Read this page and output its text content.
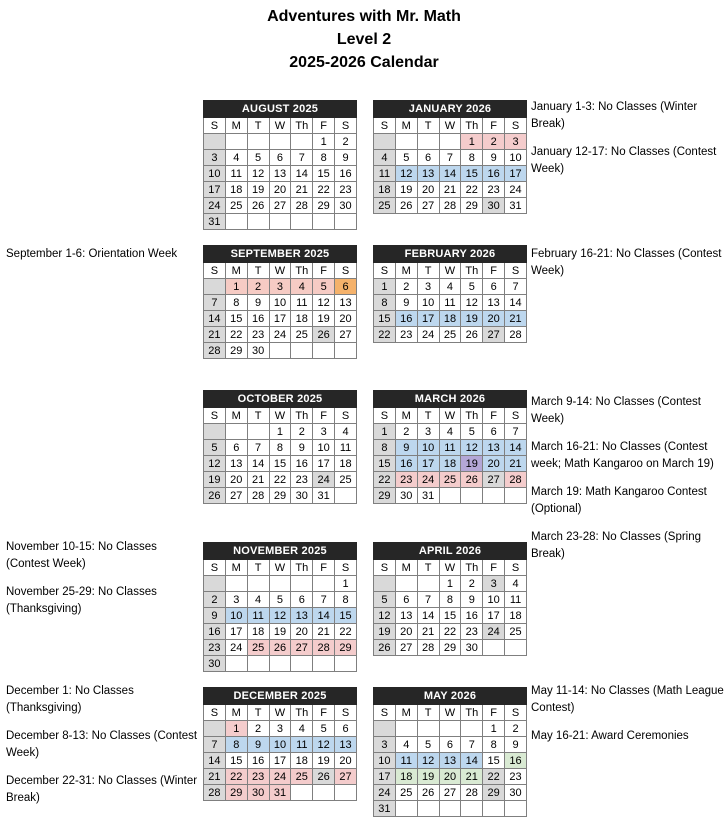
Adventures with Mr. Math
Level 2
2025-2026 Calendar
AUGUST 2025						
S	M	T	W	Th	F	S
					1	2
3	4	5	6	7	8	9
10	11	12	13	14	15	16
17	18	19	20	21	22	23
24	25	26	27	28	29	30
31						
JANUARY 2026						
S	M	T	W	Th	F	S
				1	2	3
4	5	6	7	8	9	10
11	12	13	14	15	16	17
18	19	20	21	22	23	24
25	26	27	28	29	30	31
SEPTEMBER 2025						
S	M	T	W	Th	F	S
	1	2	3	4	5	6
7	8	9	10	11	12	13
14	15	16	17	18	19	20
21	22	23	24	25	26	27
28	29	30				
FEBRUARY 2026						
S	M	T	W	Th	F	S
1	2	3	4	5	6	7
8	9	10	11	12	13	14
15	16	17	18	19	20	21
22	23	24	25	26	27	28
OCTOBER 2025						
S	M	T	W	Th	F	S
			1	2	3	4
5	6	7	8	9	10	11
12	13	14	15	16	17	18
19	20	21	22	23	24	25
26	27	28	29	30	31	
MARCH 2026						
S	M	T	W	Th	F	S
1	2	3	4	5	6	7
8	9	10	11	12	13	14
15	16	17	18	19	20	21
22	23	24	25	26	27	28
29	30	31				
NOVEMBER 2025						
S	M	T	W	Th	F	S
						1
2	3	4	5	6	7	8
9	10	11	12	13	14	15
16	17	18	19	20	21	22
23	24	25	26	27	28	29
30						
APRIL 2026						
S	M	T	W	Th	F	S
			1	2	3	4
5	6	7	8	9	10	11
12	13	14	15	16	17	18
19	20	21	22	23	24	25
26	27	28	29	30		
DECEMBER 2025						
S	M	T	W	Th	F	S
	1	2	3	4	5	6
7	8	9	10	11	12	13
14	15	16	17	18	19	20
21	22	23	24	25	26	27
28	29	30	31			
MAY 2026						
S	M	T	W	Th	F	S
					1	2
3	4	5	6	7	8	9
10	11	12	13	14	15	16
17	18	19	20	21	22	23
24	25	26	27	28	29	30
31						

January 1-3: No Classes (Winter Break)

January 12-17: No Classes (Contest Week)

September 1-6: Orientation Week	February 16-21: No Classes (Contest Week)

March 9-14: No Classes (Contest Week)

March 16-21: No Classes (Contest week; Math Kangaroo on March 19)

March 19: Math Kangaroo Contest (Optional)

March 23-28: No Classes (Spring Break)

November 10-15: No Classes (Contest Week)

November 25-29: No Classes (Thanksgiving)

December 1: No Classes (Thanksgiving)

December 8-13: No Classes (Contest Week)

December 22-31: No Classes (Winter Break)

May 11-14: No Classes (Math League Contest)

May 16-21: Award Ceremonies
